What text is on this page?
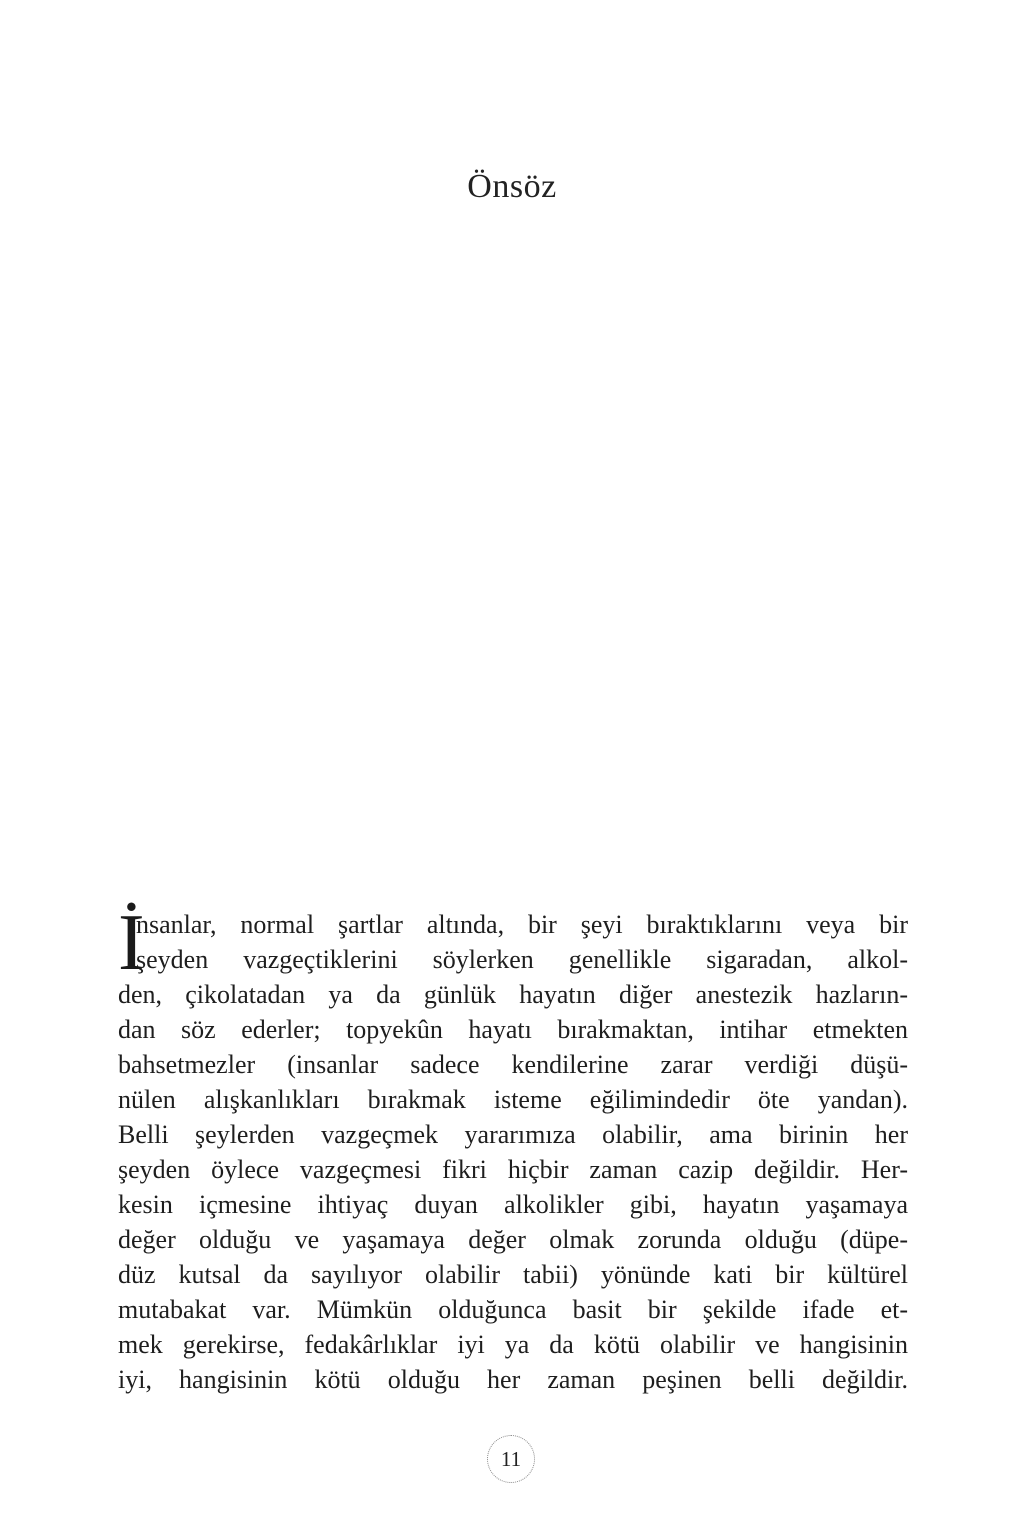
Önsöz
İ
nsanlar, normal şartlar altında, bir şeyi bıraktıklarını veya bir
şeyden vazgeçtiklerini söylerken genellikle sigaradan, alkol-
den, çikolatadan ya da günlük hayatın diğer anestezik hazların-
dan söz ederler; topyekûn hayatı bırakmaktan, intihar etmekten
bahsetmezler (insanlar sadece kendilerine zarar verdiği düşü-
nülen alışkanlıkları bırakmak isteme eğilimindedir öte yandan).
Belli şeylerden vazgeçmek yararımıza olabilir, ama birinin her
şeyden öylece vazgeçmesi fikri hiçbir zaman cazip değildir. Her-
kesin içmesine ihtiyaç duyan alkolikler gibi, hayatın yaşamaya
değer olduğu ve yaşamaya değer olmak zorunda olduğu (düpe-
düz kutsal da sayılıyor olabilir tabii) yönünde kati bir kültürel
mutabakat var. Mümkün olduğunca basit bir şekilde ifade et-
mek gerekirse, fedakârlıklar iyi ya da kötü olabilir ve hangisinin
iyi, hangisinin kötü olduğu her zaman peşinen belli değildir.
11
